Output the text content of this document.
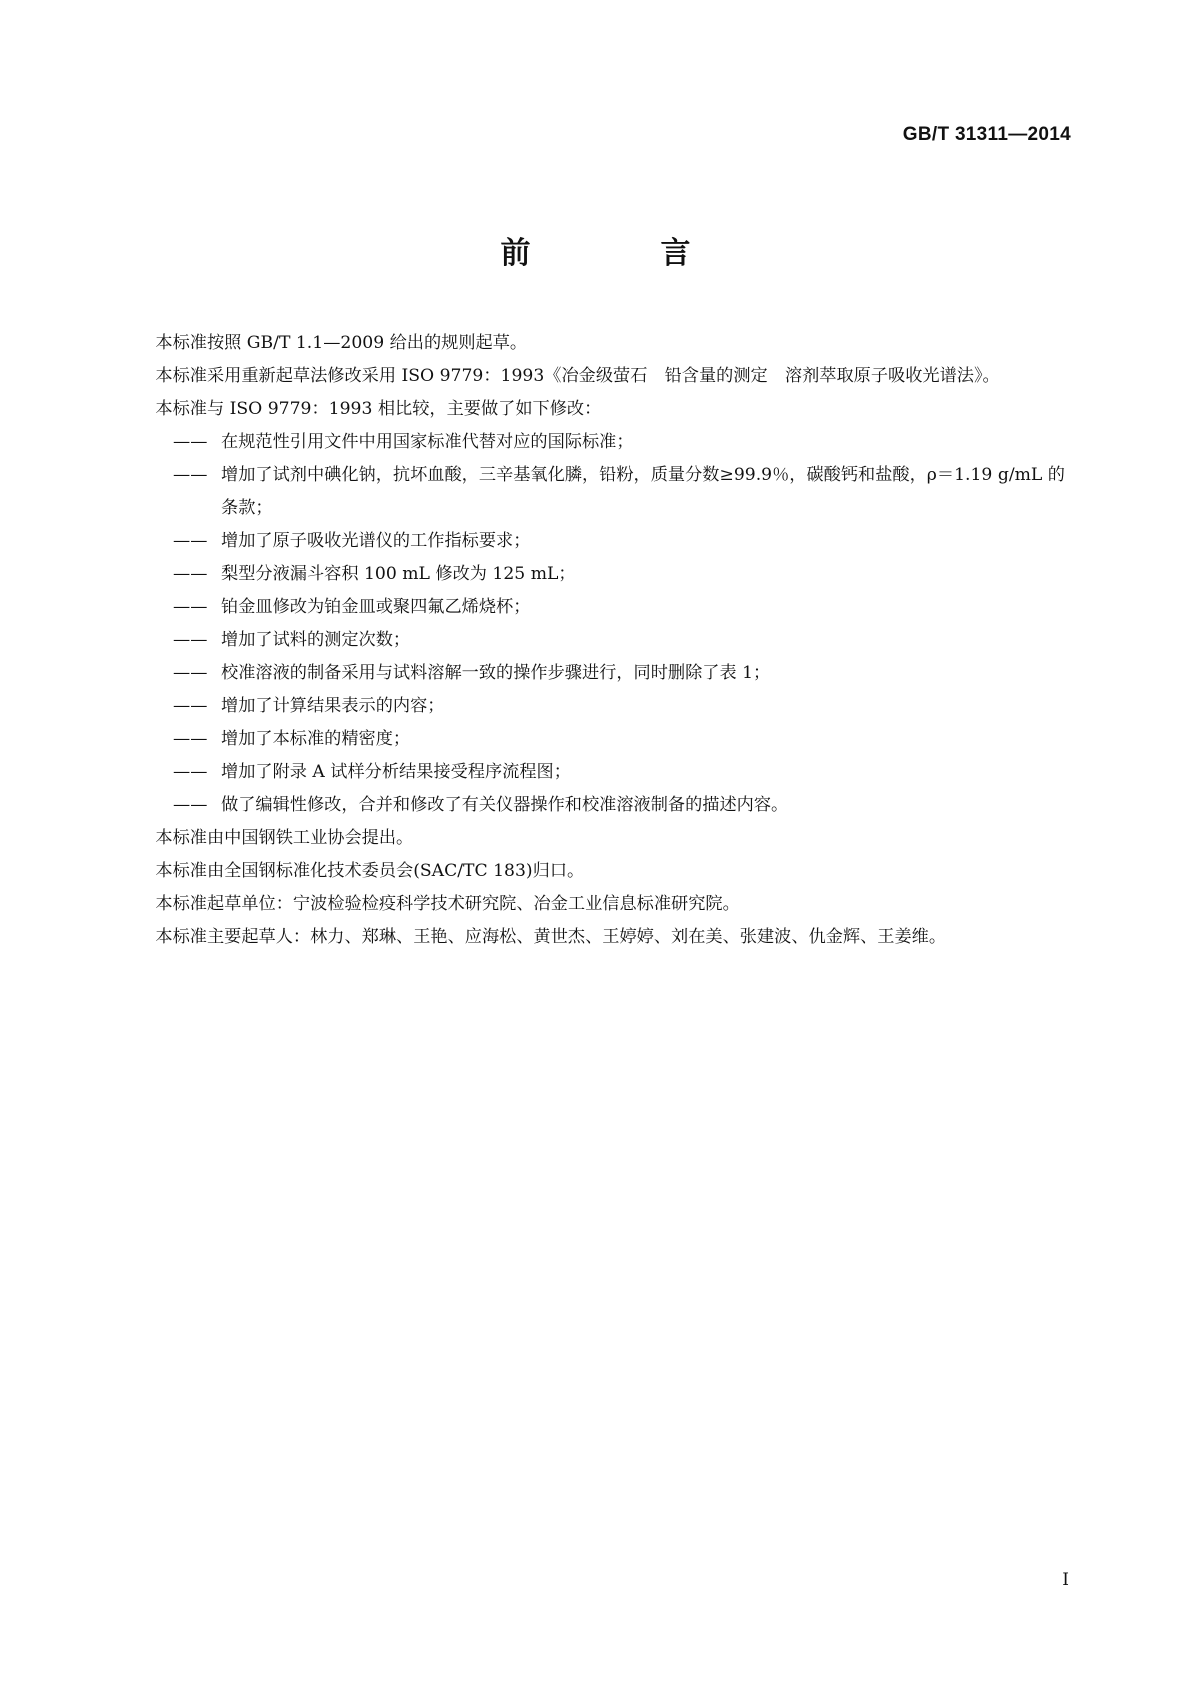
GB/T 31311—2014
前　言

本标准按照 GB/T 1.1—2009 给出的规则起草。

本标准采用重新起草法修改采用 ISO 9779：1993《冶金级萤石　铅含量的测定　溶剂萃取原子吸收光谱法》。

本标准与 ISO 9779：1993 相比较，主要做了如下修改：

—— 在规范性引用文件中用国家标准代替对应的国际标准；
—— 增加了试剂中碘化钠，抗坏血酸，三辛基氧化膦，铅粉，质量分数≥99.9％，碳酸钙和盐酸，ρ＝1.19 g/mL 的条款；
—— 增加了原子吸收光谱仪的工作指标要求；
—— 梨型分液漏斗容积 100 mL 修改为 125 mL；
—— 铂金皿修改为铂金皿或聚四氟乙烯烧杯；
—— 增加了试料的测定次数；
—— 校准溶液的制备采用与试料溶解一致的操作步骤进行，同时删除了表 1；
—— 增加了计算结果表示的内容；
—— 增加了本标准的精密度；
—— 增加了附录 A 试样分析结果接受程序流程图；
—— 做了编辑性修改，合并和修改了有关仪器操作和校准溶液制备的描述内容。

本标准由中国钢铁工业协会提出。

本标准由全国钢标准化技术委员会(SAC/TC 183)归口。

本标准起草单位：宁波检验检疫科学技术研究院、冶金工业信息标准研究院。

本标准主要起草人：林力、郑琳、王艳、应海松、黄世杰、王婷婷、刘在美、张建波、仇金辉、王姜维。

I
